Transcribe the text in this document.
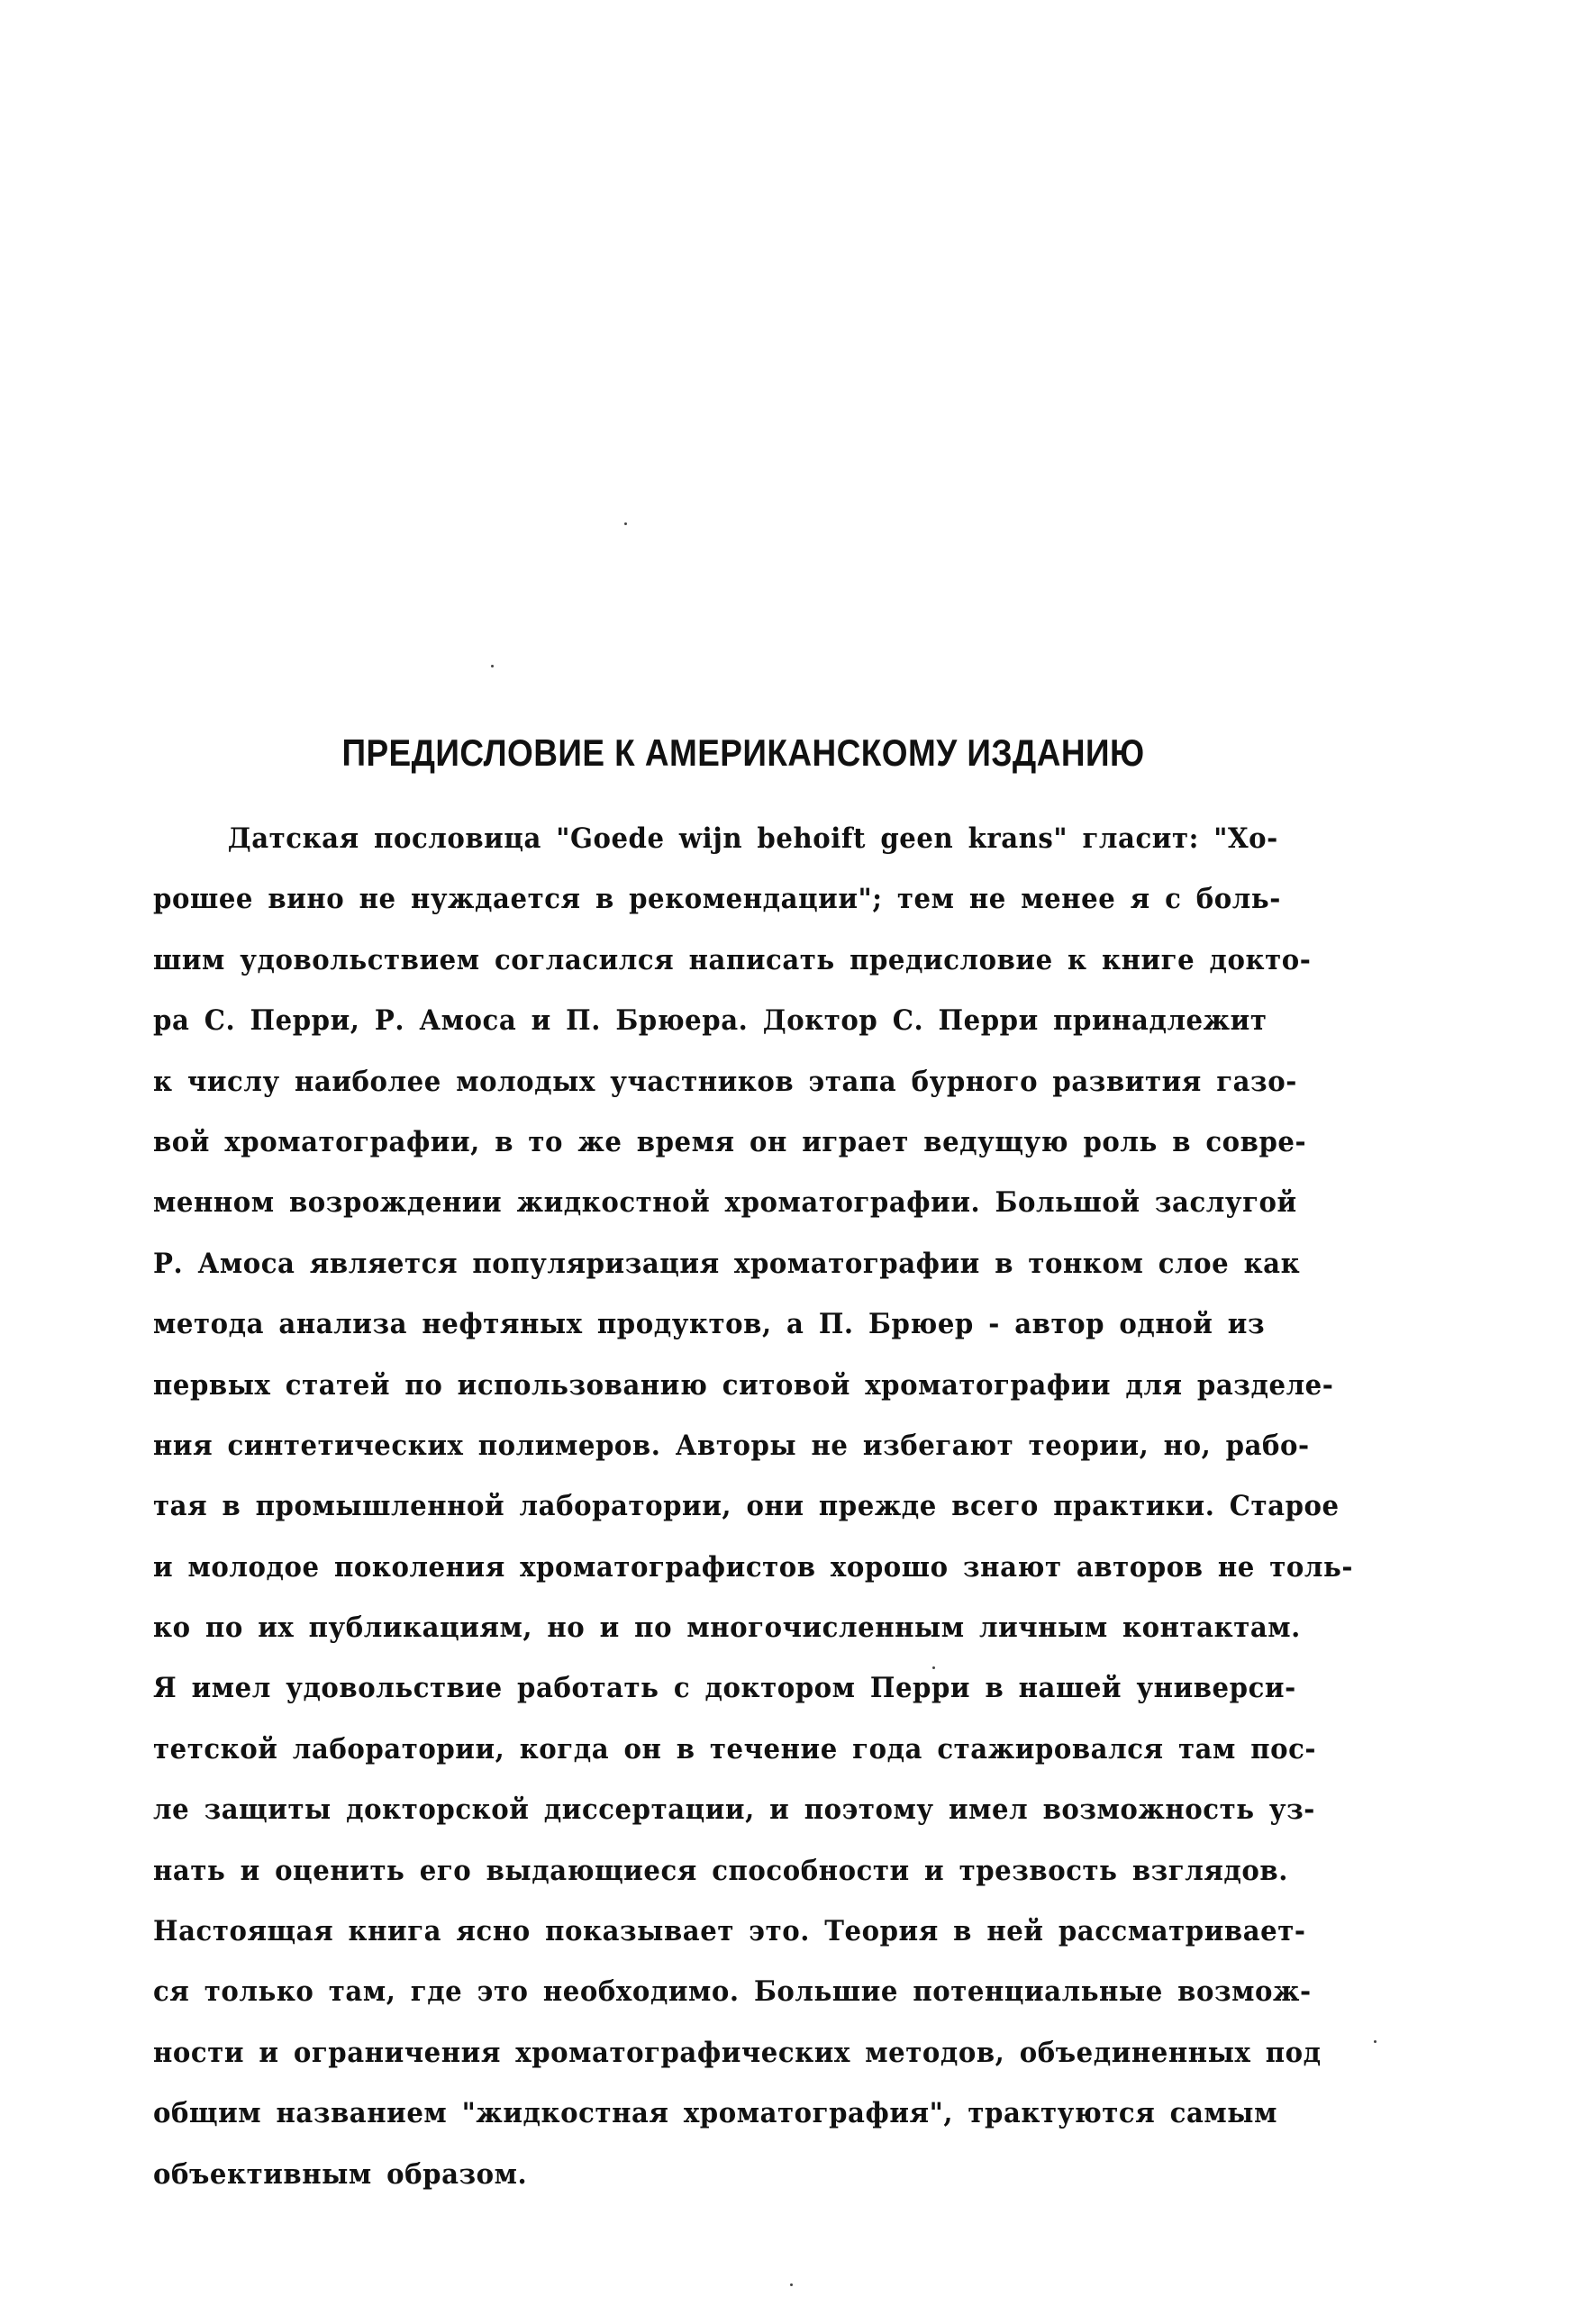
ПРЕДИСЛОВИЕ К АМЕРИКАНСКОМУ ИЗДАНИЮ
Датская пословица "Goede wijn behoift geen krans" гласит: "Хо-
рошее вино не нуждается в рекомендации"; тем не менее я с боль-
шим удовольствием согласился написать предисловие к книге докто-
ра С. Перри, Р. Амоса и П. Брюера. Доктор С. Перри принадлежит
к числу наиболее молодых участников этапа бурного развития газо-
вой хроматографии, в то же время он играет ведущую роль в совре-
менном возрождении жидкостной хроматографии. Большой заслугой
Р. Амоса является популяризация хроматографии в тонком слое как
метода анализа нефтяных продуктов, а П. Брюер - автор одной из
первых статей по использованию ситовой хроматографии для разделе-
ния синтетических полимеров. Авторы не избегают теории, но, рабо-
тая в промышленной лаборатории, они прежде всего практики. Старое
и молодое поколения хроматографистов хорошо знают авторов не толь-
ко по их публикациям, но и по многочисленным личным контактам.
Я имел удовольствие работать с доктором Перри в нашей универси-
тетской лаборатории, когда он в течение года стажировался там пос-
ле защиты докторской диссертации, и поэтому имел возможность уз-
нать и оценить его выдающиеся способности и трезвость взглядов.
Настоящая книга ясно показывает это. Теория в ней рассматривает-
ся только там, где это необходимо. Большие потенциальные возмож-
ности и ограничения хроматографических методов, объединенных под
общим названием "жидкостная хроматография", трактуются самым
объективным образом.
